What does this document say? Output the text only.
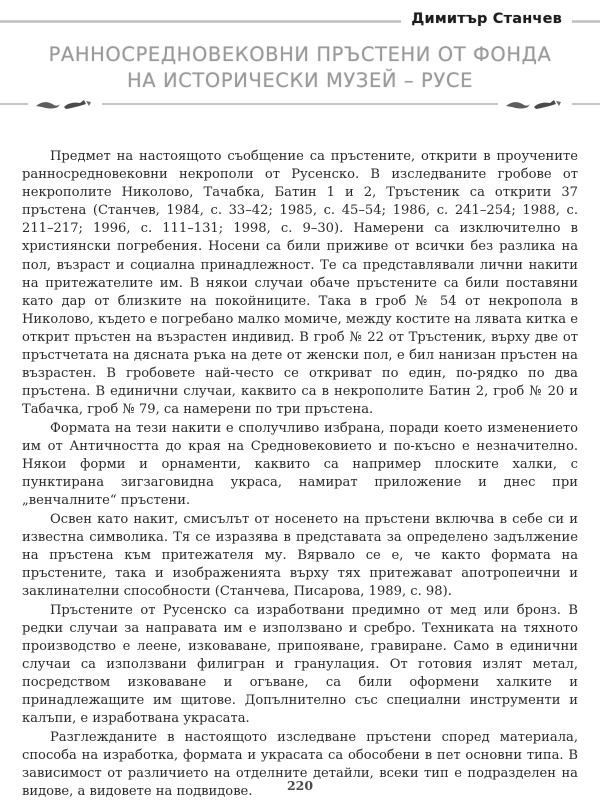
Димитър Станчев
РАННОСРЕДНОВЕКОВНИ ПРЪСТЕНИ ОТ ФОНДА
НА ИСТОРИЧЕСКИ МУЗЕЙ – РУСЕ

Предмет на настоящото съобщение са пръстените, открити в проучените ранносредновековни некрополи от Русенско. В изследваните гробове от некрополите Николово, Тачабка, Батин 1 и 2, Тръстеник са открити 37 пръстена (Станчев, 1984, с. 33–42; 1985, с. 45–54; 1986, с. 241–254; 1988, с. 211–217; 1996, с. 111–131; 1998, с. 9–30). Намерени са изключително в християнски погребения. Носени са били приживе от всички без разлика на пол, възраст и социална принадлежност. Те са представлявали лични накити на притежателите им. В някои случаи обаче пръстените са били поставяни като дар от близките на покойниците. Така в гроб № 54 от некропола в Николово, където е погребано малко момиче, между костите на лявата китка е открит пръстен на възрастен индивид. В гроб № 22 от Тръстеник, върху две от пръстчетата на дясната ръка на дете от женски пол, е бил нанизан пръстен на възрастен. В гробовете най-често се откриват по един, по-рядко по два пръстена. В единични случаи, каквито са в некрополите Батин 2, гроб № 20 и Табачка, гроб № 79, са намерени по три пръстена.

Формата на тези накити е сполучливо избрана, поради което изменението им от Античността до края на Средновековието и по-късно е незначително. Някои форми и орнаменти, каквито са например плоските халки, с пунктирана зигзаговидна украса, намират приложение и днес при „венчалните“ пръстени.

Освен като накит, смисълът от носенето на пръстени включва в себе си и известна символика. Тя се изразява в представата за определено задължение на пръстена към притежателя му. Вярвало се е, че както формата на пръстените, така и изображенията върху тях притежават апотропеични и заклинателни способности (Станчева, Писарова, 1989, с. 98).

Пръстените от Русенско са изработвани предимно от мед или бронз. В редки случаи за направата им е използвано и сребро. Техниката на тяхното производство е леене, изковаване, припояване, гравиране. Само в единични случаи са използвани филигран и гранулация. От готовия излят метал, посредством изковаване и огъване, са били оформени халките и принадлежащите им щитове. Допълнително със специални инструменти и калъпи, е изработвана украсата.

Разглежданите в настоящото изследване пръстени според материала, способа на изработка, формата и украсата са обособени в пет основни типа. В зависимост от различието на отделните детайли, всеки тип е подразделен на видове, а видовете на подвидове.	220
